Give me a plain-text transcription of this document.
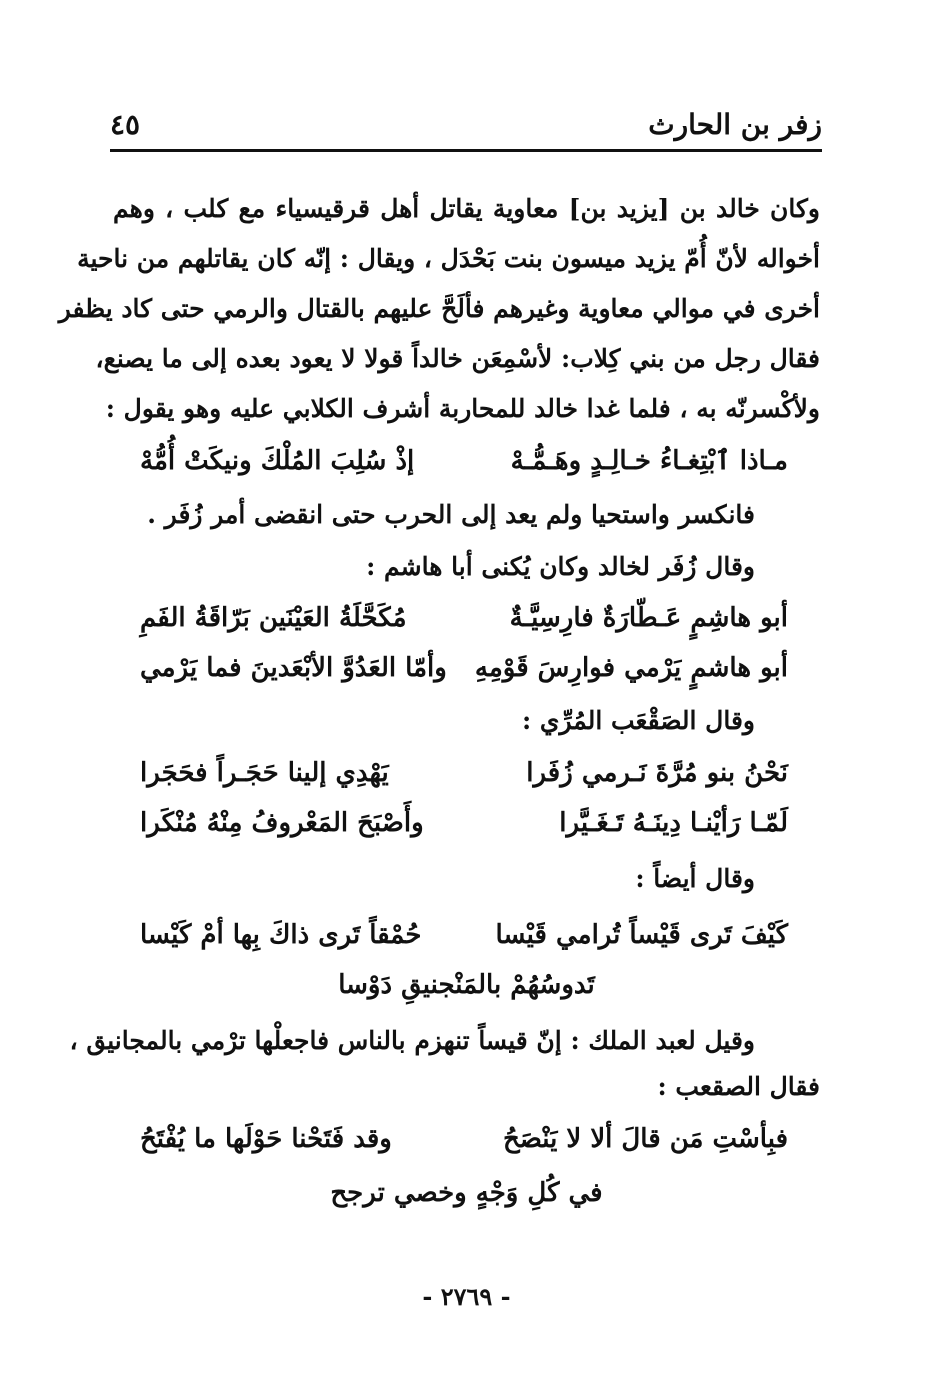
زفر بن الحارث
٤٥
وكان خالد بن [يزيد بن] معاوية يقاتل أهل قرقيسياء مع كلب ، وهم
أخواله لأنّ أُمّ يزيد ميسون بنت بَحْدَل ، ويقال : إنّه كان يقاتلهم من ناحية
أخرى في موالي معاوية وغيرهم فألَحَّ عليهم بالقتال والرمي حتى كاد يظفر
فقال رجل من بني كِلاب: لأسْمِعَن خالداً قولا لا يعود بعده إلى ما يصنع،
ولأكْسرنّه به ، فلما غدا خالد للمحاربة أشرف الكلابي عليه وهو يقول :
مـاذا ٱبْتِغـاءُ خـالِـدٍ وهَـمُّـهْ
إذْ سُلِبَ المُلْكَ ونيكَتْ أُمُّهْ
فانكسر واستحيا ولم يعد إلى الحرب حتى انقضى أمر زُفَر .
وقال زُفَر لخالد وكان يُكنى أبا هاشم :
أبو هاشِمٍ عَـطّارَةٌ فارِسِيَّـةٌ
مُكَحَّلَةُ العَيْنَين بَرّاقَةُ الفَمِ
أبو هاشمٍ يَرْمي فوارِسَ قَوْمِهِ
وأمّا العَدُوَّ الأبْعَدينَ فما يَرْمي
وقال الصَقْعَب المُرِّي :
نَحْنُ بنو مُرَّةَ نَـرمي زُفَرا
يَهْدِي إلينا حَجَـراً فحَجَرا
لَمّـا رَأيْنـا دِينَـهُ تَـغَـيَّرا
وأَصْبَحَ المَعْروفُ مِنْهُ مُنْكَرا
وقال أيضاً :
كَيْفَ تَرى قَيْساً تُرامي قَيْسا
حُمْقاً تَرى ذاكَ بِها أمْ كَيْسا
تَدوسُهُمْ بالمَنْجنيقِ دَوْسا
وقيل لعبد الملك : إنّ قيساً تنهزم بالناس فاجعلْها ترْمي بالمجانيق ،
فقال الصقعب :
فبِأسْتِ مَن قالَ ألا لا يَنْصَحُ
وقد فَتَحْنا حَوْلَها ما يُفْتَحُ
في كُلِ وَجْهٍ وخصي ترجح
- ٢٧٦٩ -
